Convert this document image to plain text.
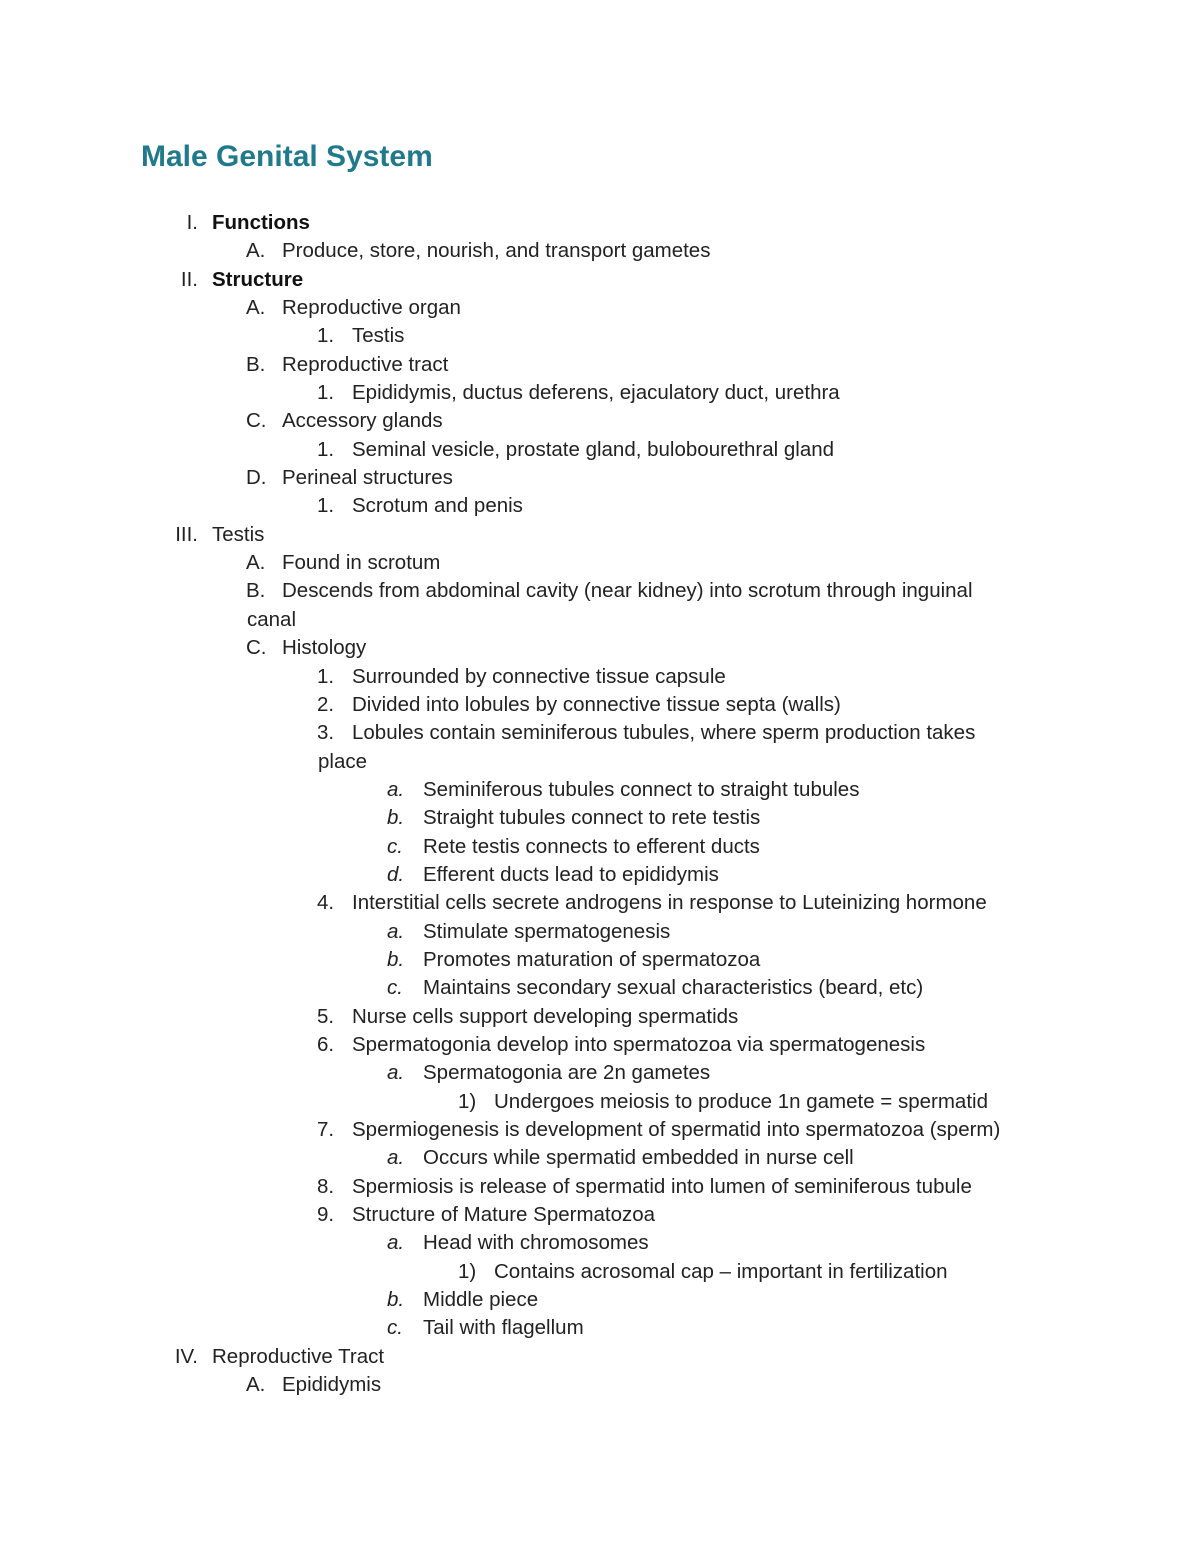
Male Genital System
I. Functions
A. Produce, store, nourish, and transport gametes
II. Structure
A. Reproductive organ
1. Testis
B. Reproductive tract
1. Epididymis, ductus deferens, ejaculatory duct, urethra
C. Accessory glands
1. Seminal vesicle, prostate gland, bulobourethral gland
D. Perineal structures
1. Scrotum and penis
III. Testis
A. Found in scrotum
B. Descends from abdominal cavity (near kidney) into scrotum through inguinal
canal
C. Histology
1. Surrounded by connective tissue capsule
2. Divided into lobules by connective tissue septa (walls)
3. Lobules contain seminiferous tubules, where sperm production takes
place
a. Seminiferous tubules connect to straight tubules
b. Straight tubules connect to rete testis
c. Rete testis connects to efferent ducts
d. Efferent ducts lead to epididymis
4. Interstitial cells secrete androgens in response to Luteinizing hormone
a. Stimulate spermatogenesis
b. Promotes maturation of spermatozoa
c. Maintains secondary sexual characteristics (beard, etc)
5. Nurse cells support developing spermatids
6. Spermatogonia develop into spermatozoa via spermatogenesis
a. Spermatogonia are 2n gametes
1) Undergoes meiosis to produce 1n gamete = spermatid
7. Spermiogenesis is development of spermatid into spermatozoa (sperm)
a. Occurs while spermatid embedded in nurse cell
8. Spermiosis is release of spermatid into lumen of seminiferous tubule
9. Structure of Mature Spermatozoa
a. Head with chromosomes
1) Contains acrosomal cap – important in fertilization
b. Middle piece
c. Tail with flagellum
IV. Reproductive Tract
A. Epididymis
